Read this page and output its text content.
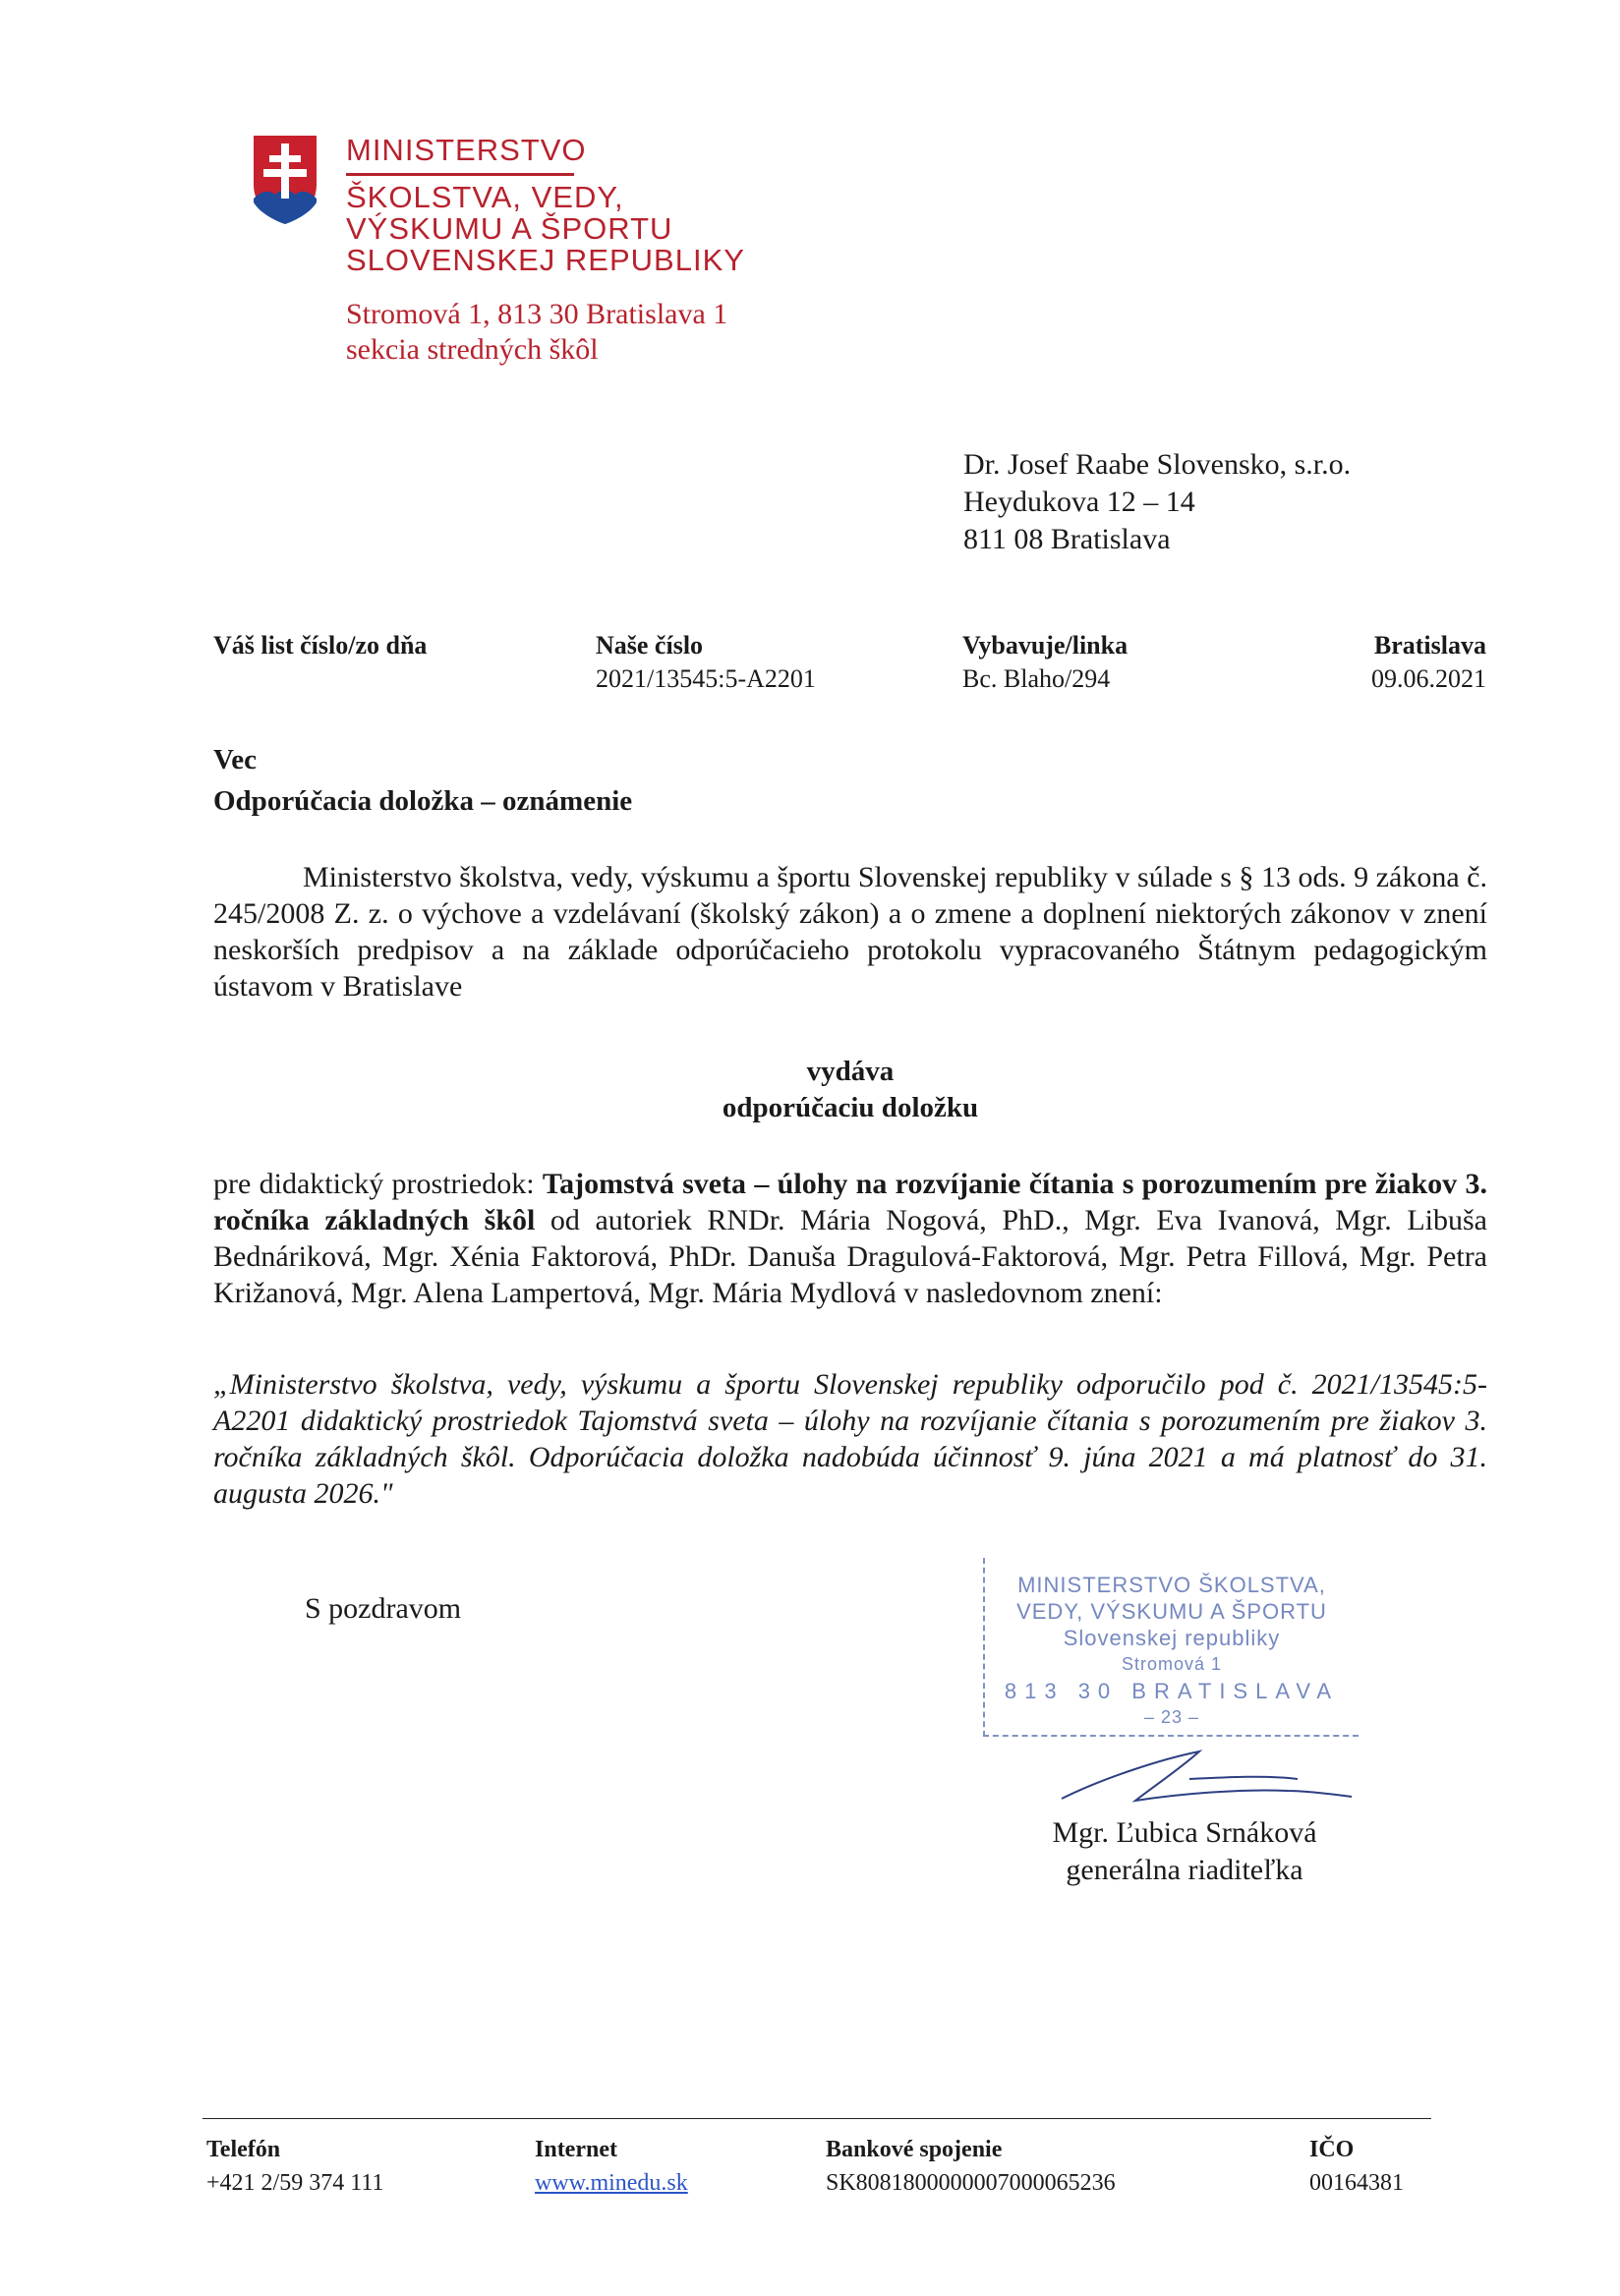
MINISTERSTVO
ŠKOLSTVA, VEDY,
VÝSKUMU A ŠPORTU
SLOVENSKEJ REPUBLIKY
Stromová 1, 813 30 Bratislava 1
sekcia stredných škôl
Dr. Josef Raabe Slovensko, s.r.o.
Heydukova 12 – 14
811 08 Bratislava
Váš list číslo/zo dňa	Naše číslo
2021/13545:5-A2201
Vybavuje/linka
Bc. Blaho/294
Bratislava
09.06.2021
Vec
Odporúčacia doložka – oznámenie
Ministerstvo školstva, vedy, výskumu a športu Slovenskej republiky v súlade s § 13 ods. 9 zákona č. 245/2008 Z. z. o výchove a vzdelávaní (školský zákon) a o zmene a doplnení niektorých zákonov v znení neskorších predpisov a na základe odporúčacieho protokolu vypracovaného Štátnym pedagogickým ústavom v Bratislave
vydáva
odporúčaciu doložku
pre didaktický prostriedok: Tajomstvá sveta – úlohy na rozvíjanie čítania s porozumením pre žiakov 3. ročníka základných škôl od autoriek RNDr. Mária Nogová, PhD., Mgr. Eva Ivanová, Mgr. Libuša Bednáriková, Mgr. Xénia Faktorová, PhDr. Danuša Dragulová-Faktorová, Mgr. Petra Fillová, Mgr. Petra Križanová, Mgr. Alena Lampertová, Mgr. Mária Mydlová v nasledovnom znení:
„Ministerstvo školstva, vedy, výskumu a športu Slovenskej republiky odporučilo pod č. 2021/13545:5-A2201 didaktický prostriedok Tajomstvá sveta – úlohy na rozvíjanie čítania s porozumením pre žiakov 3. ročníka základných škôl. Odporúčacia doložka nadobúda účinnosť 9. júna 2021 a má platnosť do 31. augusta 2026."
S pozdravom
MINISTERSTVO ŠKOLSTVA,
VEDY, VÝSKUMU A ŠPORTU
Slovenskej republiky
Stromová 1
813 30 BRATISLAVA
– 23 –
Mgr. Ľubica Srnáková
generálna riaditeľka
Telefón
+421 2/59 374 111
Internet
www.minedu.sk
Bankové spojenie
SK8081800000007000065236
IČO
00164381
